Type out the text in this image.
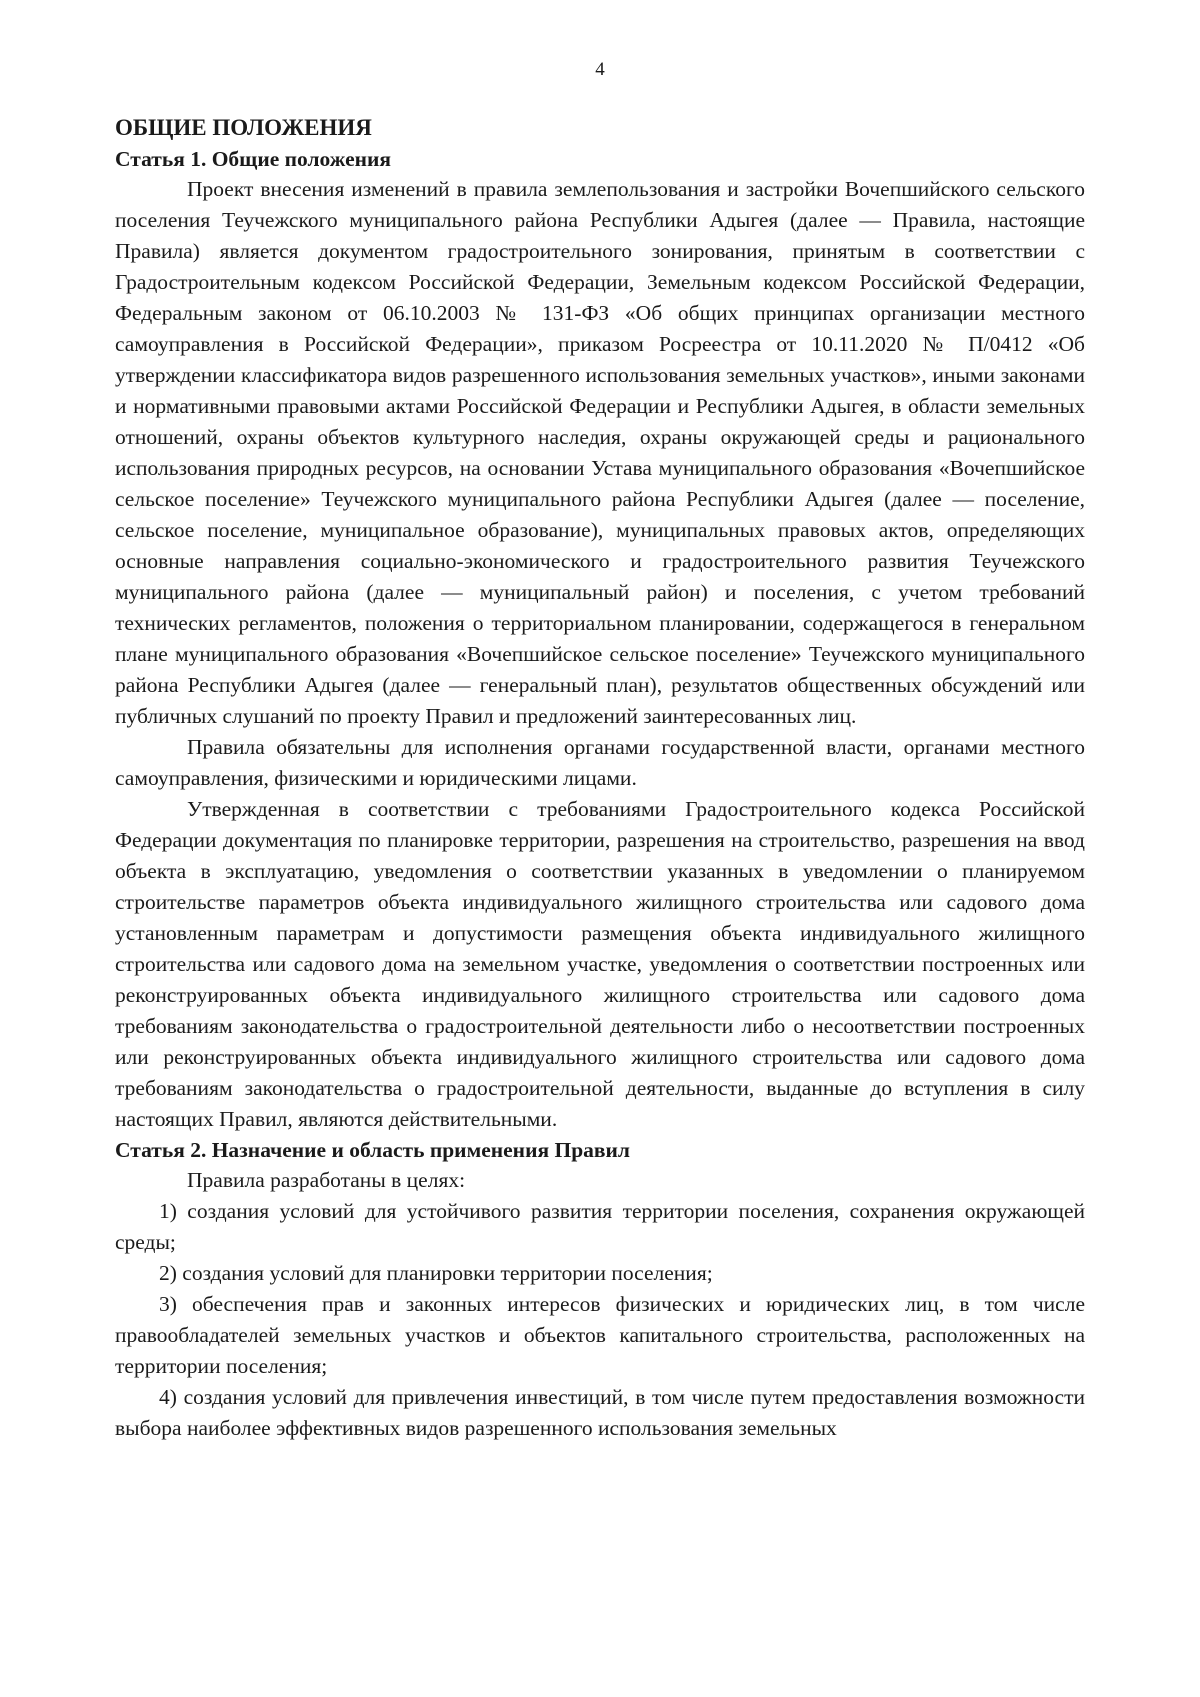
4

ОБЩИЕ ПОЛОЖЕНИЯ

Статья 1. Общие положения

Проект внесения изменений в правила землепользования и застройки Вочепшийского сельского поселения Теучежского муниципального района Республики Адыгея (далее — Правила, настоящие Правила) является документом градостроительного зонирования, принятым в соответствии с Градостроительным кодексом Российской Федерации, Земельным кодексом Российской Федерации, Федеральным законом от 06.10.2003 № 131-ФЗ «Об общих принципах организации местного самоуправления в Российской Федерации», приказом Росреестра от 10.11.2020 № П/0412 «Об утверждении классификатора видов разрешенного использования земельных участков», иными законами и нормативными правовыми актами Российской Федерации и Республики Адыгея, в области земельных отношений, охраны объектов культурного наследия, охраны окружающей среды и рационального использования природных ресурсов, на основании Устава муниципального образования «Вочепшийское сельское поселение» Теучежского муниципального района Республики Адыгея (далее — поселение, сельское поселение, муниципальное образование), муниципальных правовых актов, определяющих основные направления социально-экономического и градостроительного развития Теучежского муниципального района (далее — муниципальный район) и поселения, с учетом требований технических регламентов, положения о территориальном планировании, содержащегося в генеральном плане муниципального образования «Вочепшийское сельское поселение» Теучежского муниципального района Республики Адыгея (далее — генеральный план), результатов общественных обсуждений или публичных слушаний по проекту Правил и предложений заинтересованных лиц.

Правила обязательны для исполнения органами государственной власти, органами местного самоуправления, физическими и юридическими лицами.

Утвержденная в соответствии с требованиями Градостроительного кодекса Российской Федерации документация по планировке территории, разрешения на строительство, разрешения на ввод объекта в эксплуатацию, уведомления о соответствии указанных в уведомлении о планируемом строительстве параметров объекта индивидуального жилищного строительства или садового дома установленным параметрам и допустимости размещения объекта индивидуального жилищного строительства или садового дома на земельном участке, уведомления о соответствии построенных или реконструированных объекта индивидуального жилищного строительства или садового дома требованиям законодательства о градостроительной деятельности либо о несоответствии построенных или реконструированных объекта индивидуального жилищного строительства или садового дома требованиям законодательства о градостроительной деятельности, выданные до вступления в силу настоящих Правил, являются действительными.

Статья 2. Назначение и область применения Правил

Правила разработаны в целях:

1) создания условий для устойчивого развития территории поселения, сохранения окружающей среды;

2) создания условий для планировки территории поселения;

3) обеспечения прав и законных интересов физических и юридических лиц, в том числе правообладателей земельных участков и объектов капитального строительства, расположенных на территории поселения;

4) создания условий для привлечения инвестиций, в том числе путем предоставления возможности выбора наиболее эффективных видов разрешенного использования земельных
